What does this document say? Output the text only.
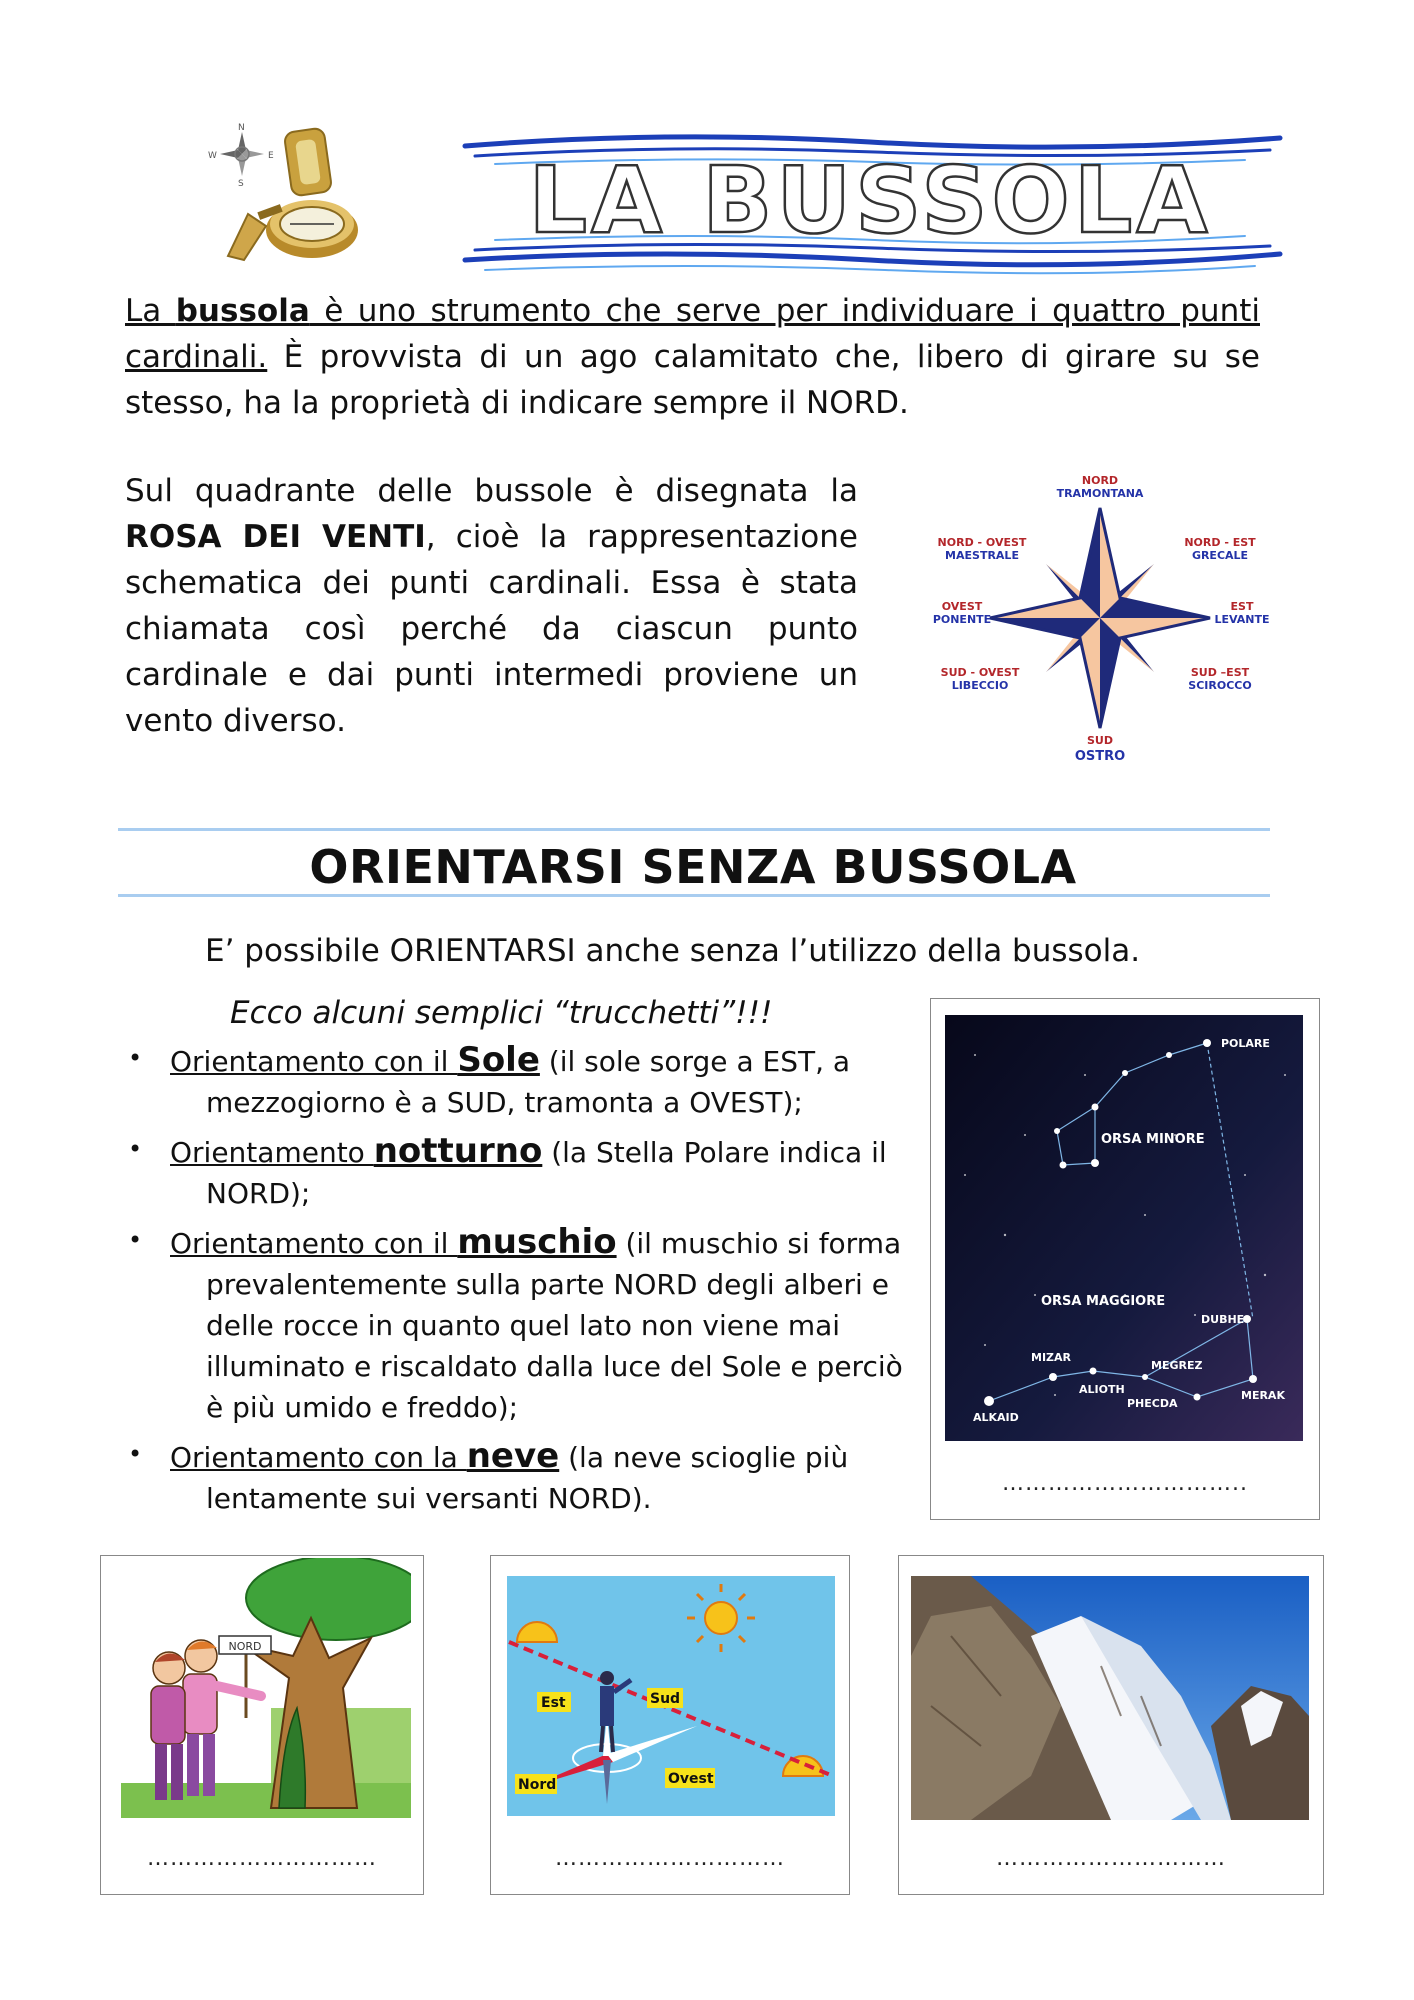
N
S
E
W	LA BUSSOLA
La bussola è uno strumento che serve per individuare i quattro punti cardinali. È provvista di un ago calamitato che, libero di girare su se stesso, ha la proprietà di indicare sempre il NORD.
Sul quadrante delle bussole è disegnata la ROSA DEI VENTI, cioè la rappresentazione schematica dei punti cardinali. Essa è stata chiamata così perché da ciascun punto cardinale e dai punti intermedi proviene un vento diverso.
NORD
TRAMONTANA
NORD - EST
GRECALE
EST
LEVANTE
SUD –EST
SCIROCCO
SUD
OSTRO
SUD - OVEST
LIBECCIO
OVEST
PONENTE
NORD - OVEST
MAESTRALE
ORIENTARSI SENZA BUSSOLA
E’ possibile ORIENTARSI anche senza l’utilizzo della bussola.
Ecco alcuni semplici “trucchetti”!!!
• Orientamento con il Sole (il sole sorge a EST, a mezzogiorno è a SUD, tramonta a OVEST);
• Orientamento notturno (la Stella Polare indica il NORD);
• Orientamento con il muschio (il muschio si forma prevalentemente sulla parte NORD degli alberi e delle rocce in quanto quel lato non viene mai illuminato e riscaldato dalla luce del Sole e perciò è più umido e freddo);
• Orientamento con la neve (la neve scioglie più lentamente sui versanti NORD).
ORSA MINORE
ORSA MAGGIORE
POLARE
DUBHE
MERAK
MIZAR
ALIOTH
MEGREZ
PHECDA
ALKAID
…………………………..
NORD
…………………………
Est	Sud
Ovest
Nord
…………………………	…………………………
